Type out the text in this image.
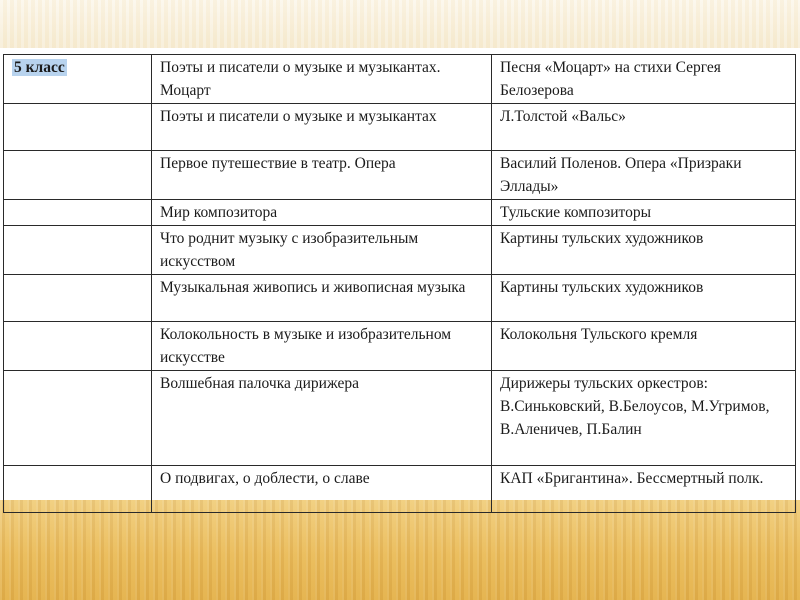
5 класс	Поэты и писатели о музыке и музыкантах. Моцарт	Песня «Моцарт» на стихи Сергея Белозерова
	Поэты и писатели о музыке и музыкантах	Л.Толстой «Вальс»
	Первое путешествие в театр. Опера	Василий Поленов. Опера «Призраки Эллады»
	Мир композитора	Тульские композиторы
	Что роднит музыку с изобразительным искусством	Картины тульских художников
	Музыкальная живопись и живописная музыка	Картины тульских художников
	Колокольность в музыке и изобразительном искусстве	Колокольня Тульского кремля
	Волшебная палочка дирижера	Дирижеры тульских оркестров: В.Синьковский, В.Белоусов, М.Угримов, В.Аленичев, П.Балин
	О подвигах, о доблести, о славе	КАП «Бригантина». Бессмертный полк.
